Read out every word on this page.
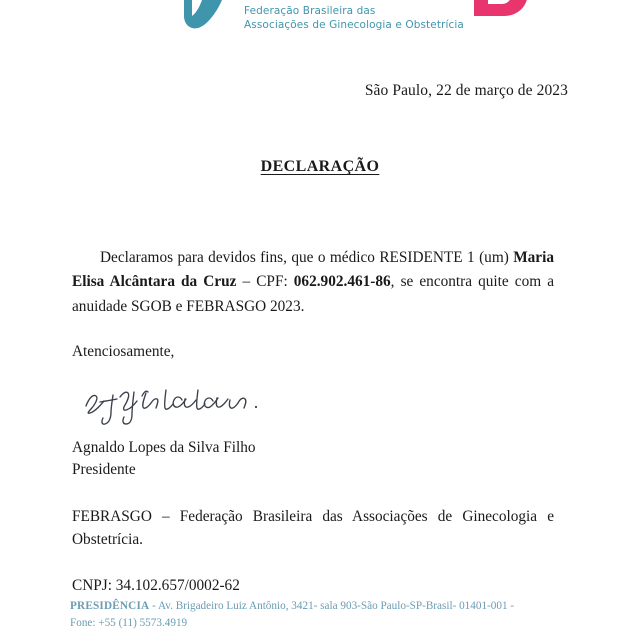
Federação Brasileira das
Associações de Ginecologia e Obstetrícia
São Paulo, 22 de março de 2023
DECLARAÇÃO

Declaramos para devidos fins, que o médico RESIDENTE 1 (um) Maria Elisa Alcântara da Cruz – CPF: 062.902.461-86, se encontra quite com a anuidade SGOB e FEBRASGO 2023.

Atenciosamente,
Agnaldo Lopes da Silva Filho
Presidente
FEBRASGO – Federação Brasileira das Associações de Ginecologia e Obstetrícia.
CNPJ: 34.102.657/0002-62
PRESIDÊNCIA - Av. Brigadeiro Luiz Antônio, 3421- sala 903-São Paulo-SP-Brasil- 01401-001 -
Fone: +55 (11) 5573.4919
